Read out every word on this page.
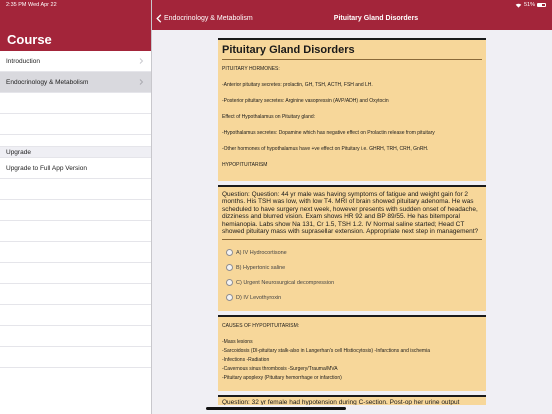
2:35 PM Wed Apr 22
Course
Introduction
Endocrinology & Metabolism
Upgrade
Upgrade to Full App Version
51%
Endocrinology & Metabolism	Pituitary Gland Disorders
Pituitary Gland Disorders
PITUITARY HORMONES:
-Anterior pituitary secretes: prolactin, GH, TSH, ACTH, FSH and LH.
-Posterior pituitary secretes: Arginine vasopressin (AVP/ADH) and Oxytocin
Effect of Hypothalamus on Pituitary gland:
-Hypothalamus secretes: Dopamine which has negative effect on Prolactin release from pituitary
-Other hormones of hypothalamus have +ve effect on Pituitary i.e. GHRH, TRH, CRH, GnRH.
HYPOPITUITARISM
Question: Question: 44 yr male was having symptoms of fatigue and weight gain for 2 months. His TSH was low, with low T4. MRI of brain showed pituitary adenoma. He was scheduled to have surgery next week, however presents with sudden onset of headache, dizziness and blurred vision. Exam shows HR 92 and BP 89/55. He has bitemporal hemianopia. Labs show Na 131, Cr 1.5, TSH 1.2. IV Normal saline started; Head CT showed pituitary mass with suprasellar extension. Appropriate next step in management?
A) IV Hydrocortisone
B) Hypertonic saline
C) Urgent Neurosurgical decompression
D) IV Levothyroxin
CAUSES OF HYPOPITUITARISM:
-Mass lesions
-Sarcoidosis (DI-pituitary stalk-also in Langerhan's cell Histiocytosis) -Infarctions and ischemia
-Infections -Radiation
-Cavernous sinus thrombosis -Surgery/Trauma/MVA
-Pituitary apoplexy (Pituitary hemorrhage or infarction)
Question: 32 yr female had hypotension during C-section. Post-op her urine output
